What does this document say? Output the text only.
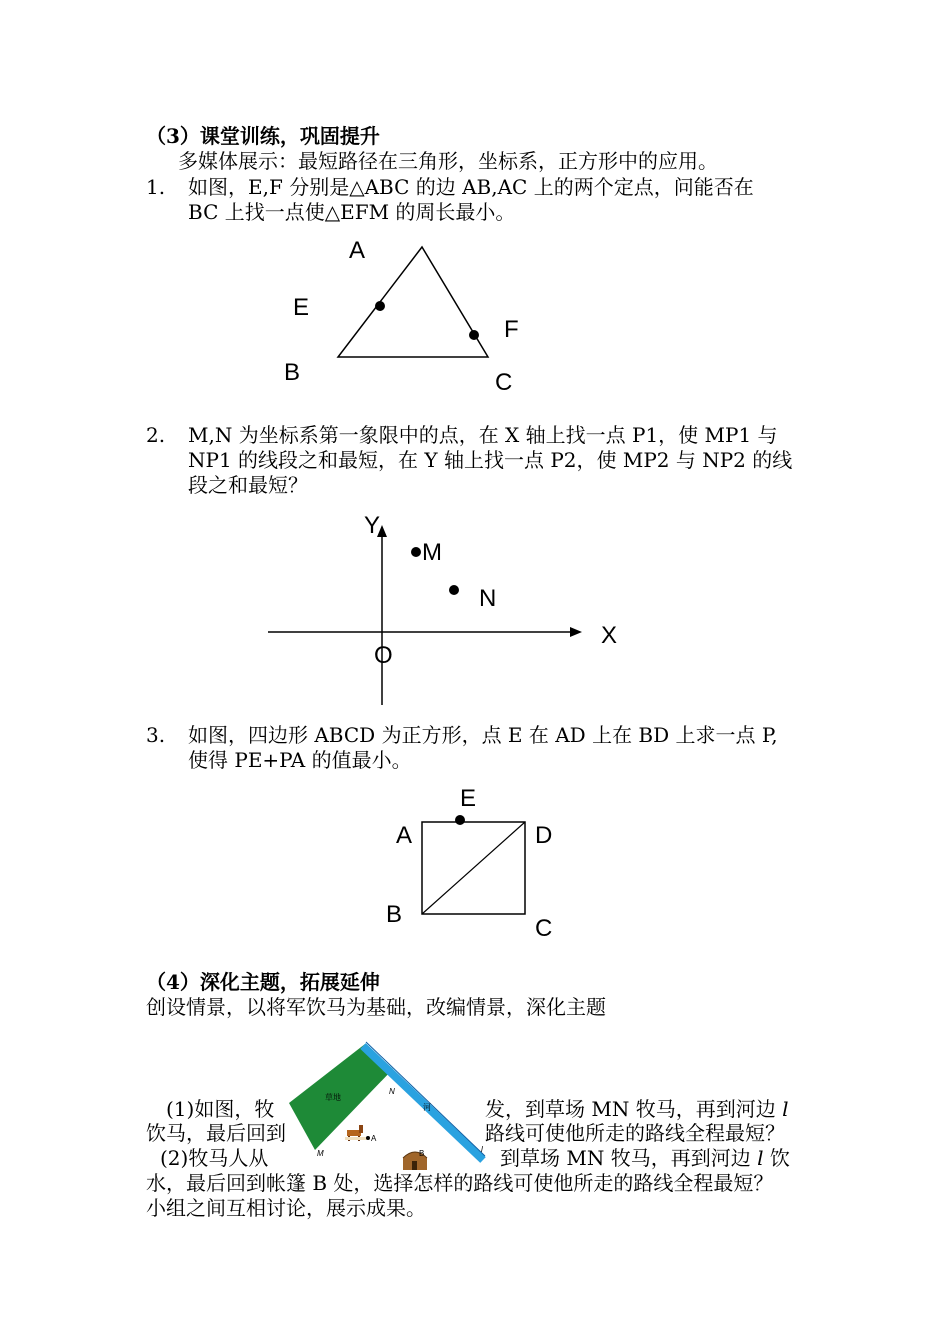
（3）课堂训练，巩固提升
多媒体展示：最短路径在三角形，坐标系，正方形中的应用。
1. 如图，E,F 分别是△ABC 的边 AB,AC 上的两个定点，问能否在
BC 上找一点使△EFM 的周长最小。
A
E
F
B	C
2. M,N 为坐标系第一象限中的点，在 X 轴上找一点 P1，使 MP1 与
NP1 的线段之和最短，在 Y 轴上找一点 P2，使 MP2 与 NP2 的线
段之和最短？
Y
M
N
X
O
3. 如图，四边形 ABCD 为正方形，点 E 在 AD 上在 BD 上求一点 P,
使得 PE+PA 的值最小。
E
A	D
B
C
（4）深化主题，拓展延伸
创设情景，以将军饮马为基础，改编情景，深化主题
(1)如图，牧	发，到草场 MN 牧马，再到河边 l
饮马，最后回到	路线可使他所走的路线全程最短？
(2)牧马人从	到草场 MN 牧马，再到河边 l 饮
水，最后回到帐篷 B 处，选择怎样的路线可使他所走的路线全程最短？
小组之间互相讨论，展示成果。
草地
河
N
M	l
A
B
